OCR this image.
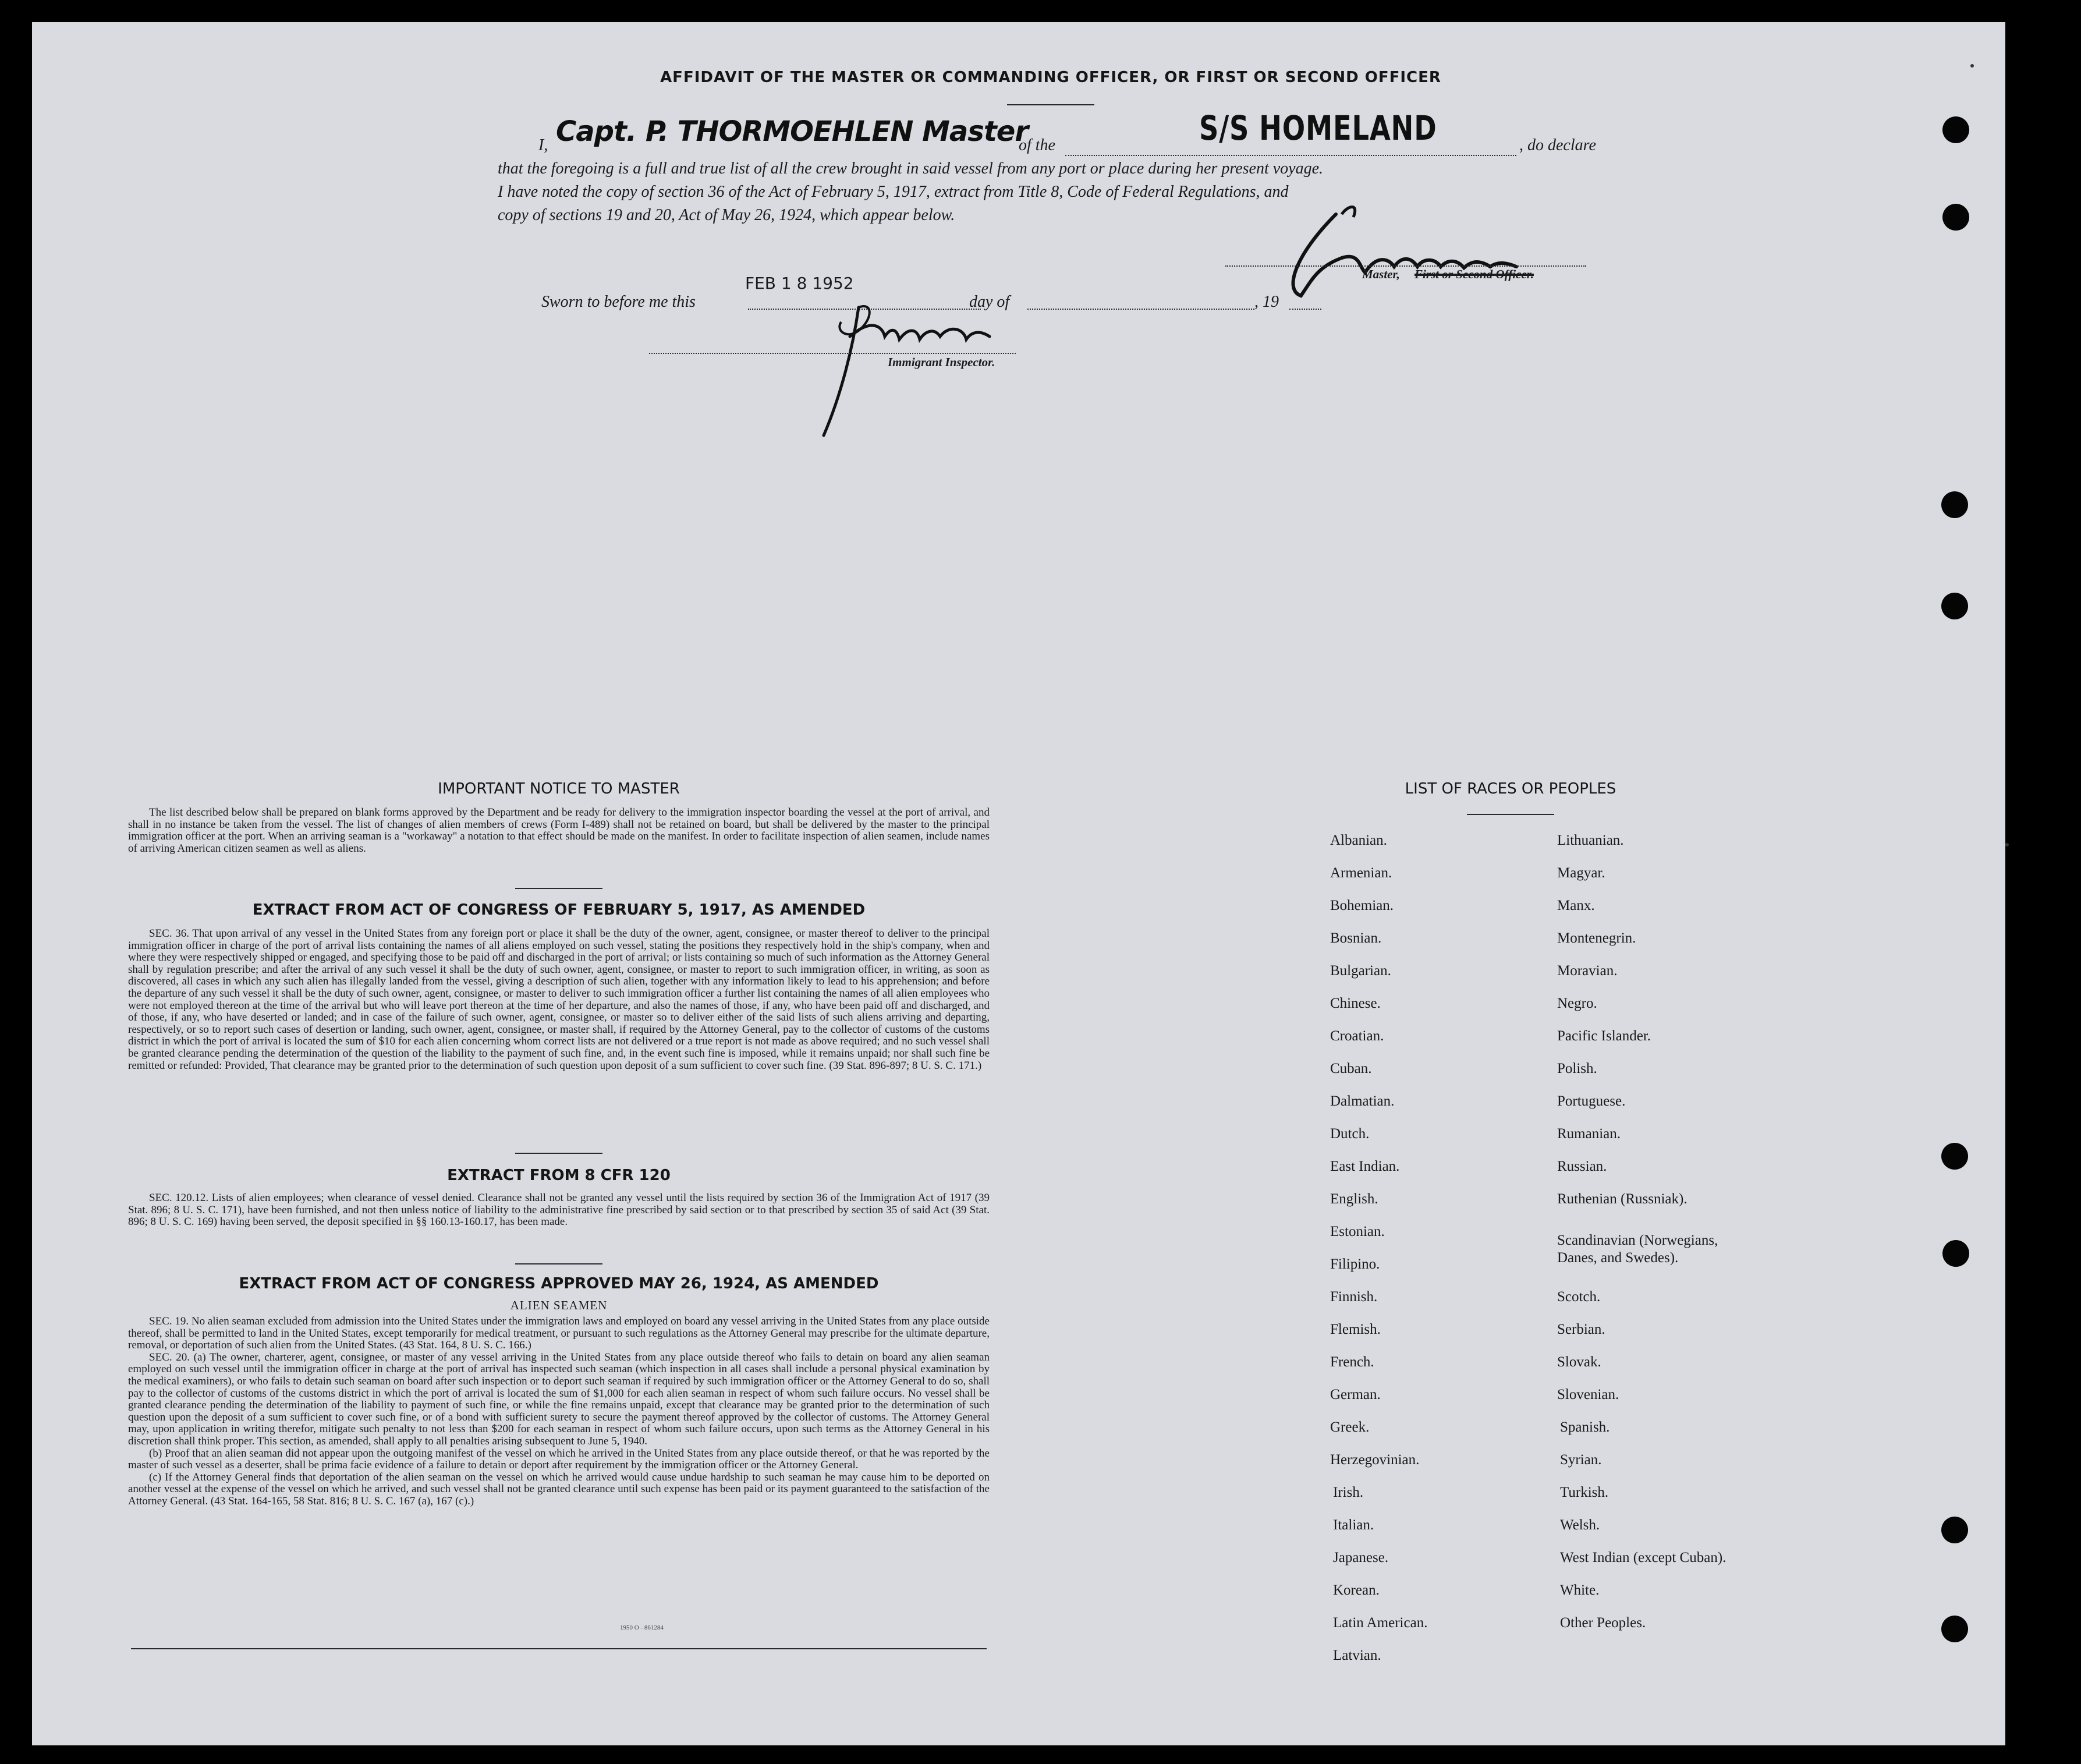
AFFIDAVIT OF THE MASTER OR COMMANDING OFFICER, OR FIRST OR SECOND OFFICER
I, Capt. P. THORMOEHLEN Master
of the	S/S HOMELAND	, do declare
that the foregoing is a full and true list of all the crew brought in said vessel from any port or place during her present voyage.
I have noted the copy of section 36 of the Act of February 5, 1917, extract from Title 8, Code of Federal Regulations, and
copy of sections 19 and 20, Act of May 26, 1924, which appear below.
Master, First or Second Officer.
Sworn to before me this
FEB 1 8 1952
day of	, 19
Immigrant Inspector.
IMPORTANT NOTICE TO MASTER

The list described below shall be prepared on blank forms approved by the Department and be ready for delivery to the immigration inspector boarding the vessel at the port of arrival, and shall in no instance be taken from the vessel. The list of changes of alien members of crews (Form I-489) shall not be retained on board, but shall be delivered by the master to the principal immigration officer at the port. When an arriving seaman is a "workaway" a notation to that effect should be made on the manifest. In order to facilitate inspection of alien seamen, include names of arriving American citizen seamen as well as aliens.

EXTRACT FROM ACT OF CONGRESS OF FEBRUARY 5, 1917, AS AMENDED

SEC. 36. That upon arrival of any vessel in the United States from any foreign port or place it shall be the duty of the owner, agent, consignee, or master thereof to deliver to the principal immigration officer in charge of the port of arrival lists containing the names of all aliens employed on such vessel, stating the positions they respectively hold in the ship's company, when and where they were respectively shipped or engaged, and specifying those to be paid off and discharged in the port of arrival; or lists containing so much of such information as the Attorney General shall by regulation prescribe; and after the arrival of any such vessel it shall be the duty of such owner, agent, consignee, or master to report to such immigration officer, in writing, as soon as discovered, all cases in which any such alien has illegally landed from the vessel, giving a description of such alien, together with any information likely to lead to his apprehension; and before the departure of any such vessel it shall be the duty of such owner, agent, consignee, or master to deliver to such immigration officer a further list containing the names of all alien employees who were not employed thereon at the time of the arrival but who will leave port thereon at the time of her departure, and also the names of those, if any, who have been paid off and discharged, and of those, if any, who have deserted or landed; and in case of the failure of such owner, agent, consignee, or master so to deliver either of the said lists of such aliens arriving and departing, respectively, or so to report such cases of desertion or landing, such owner, agent, consignee, or master shall, if required by the Attorney General, pay to the collector of customs of the customs district in which the port of arrival is located the sum of $10 for each alien concerning whom correct lists are not delivered or a true report is not made as above required; and no such vessel shall be granted clearance pending the determination of the question of the liability to the payment of such fine, and, in the event such fine is imposed, while it remains unpaid; nor shall such fine be remitted or refunded: Provided, That clearance may be granted prior to the determination of such question upon deposit of a sum sufficient to cover such fine. (39 Stat. 896-897; 8 U. S. C. 171.)

EXTRACT FROM 8 CFR 120

SEC. 120.12. Lists of alien employees; when clearance of vessel denied. Clearance shall not be granted any vessel until the lists required by section 36 of the Immigration Act of 1917 (39 Stat. 896; 8 U. S. C. 171), have been furnished, and not then unless notice of liability to the administrative fine prescribed by said section or to that prescribed by section 35 of said Act (39 Stat. 896; 8 U. S. C. 169) having been served, the deposit specified in §§ 160.13-160.17, has been made.

EXTRACT FROM ACT OF CONGRESS APPROVED MAY 26, 1924, AS AMENDED
ALIEN SEAMEN

SEC. 19. No alien seaman excluded from admission into the United States under the immigration laws and employed on board any vessel arriving in the United States from any place outside thereof, shall be permitted to land in the United States, except temporarily for medical treatment, or pursuant to such regulations as the Attorney General may prescribe for the ultimate departure, removal, or deportation of such alien from the United States. (43 Stat. 164, 8 U. S. C. 166.)

SEC. 20. (a) The owner, charterer, agent, consignee, or master of any vessel arriving in the United States from any place outside thereof who fails to detain on board any alien seaman employed on such vessel until the immigration officer in charge at the port of arrival has inspected such seaman (which inspection in all cases shall include a personal physical examination by the medical examiners), or who fails to detain such seaman on board after such inspection or to deport such seaman if required by such immigration officer or the Attorney General to do so, shall pay to the collector of customs of the customs district in which the port of arrival is located the sum of $1,000 for each alien seaman in respect of whom such failure occurs. No vessel shall be granted clearance pending the determination of the liability to payment of such fine, or while the fine remains unpaid, except that clearance may be granted prior to the determination of such question upon the deposit of a sum sufficient to cover such fine, or of a bond with sufficient surety to secure the payment thereof approved by the collector of customs. The Attorney General may, upon application in writing therefor, mitigate such penalty to not less than $200 for each seaman in respect of whom such failure occurs, upon such terms as the Attorney General in his discretion shall think proper. This section, as amended, shall apply to all penalties arising subsequent to June 5, 1940.

(b) Proof that an alien seaman did not appear upon the outgoing manifest of the vessel on which he arrived in the United States from any place outside thereof, or that he was reported by the master of such vessel as a deserter, shall be prima facie evidence of a failure to detain or deport after requirement by the immigration officer or the Attorney General.

(c) If the Attorney General finds that deportation of the alien seaman on the vessel on which he arrived would cause undue hardship to such seaman he may cause him to be deported on another vessel at the expense of the vessel on which he arrived, and such vessel shall not be granted clearance until such expense has been paid or its payment guaranteed to the satisfaction of the Attorney General. (43 Stat. 164-165, 58 Stat. 816; 8 U. S. C. 167 (a), 167 (c).)

1950 O - 861284
LIST OF RACES OR PEOPLES
Albanian.
Armenian.
Bohemian.
Bosnian.
Bulgarian.
Chinese.
Croatian.
Cuban.
Dalmatian.
Dutch.
East Indian.
English.
Estonian.
Filipino.
Finnish.
Flemish.
French.
German.
Greek.
Herzegovinian.
Irish.
Italian.
Japanese.
Korean.
Latin American.
Latvian.
Lithuanian.
Magyar.
Manx.
Montenegrin.
Moravian.
Negro.
Pacific Islander.
Polish.
Portuguese.
Rumanian.
Russian.
Ruthenian (Russniak).
Scandinavian (Norwegians, Danes, and Swedes).
Scotch.
Serbian.
Slovak.
Slovenian.
Spanish.
Syrian.
Turkish.
Welsh.
West Indian (except Cuban).
White.
Other Peoples.
